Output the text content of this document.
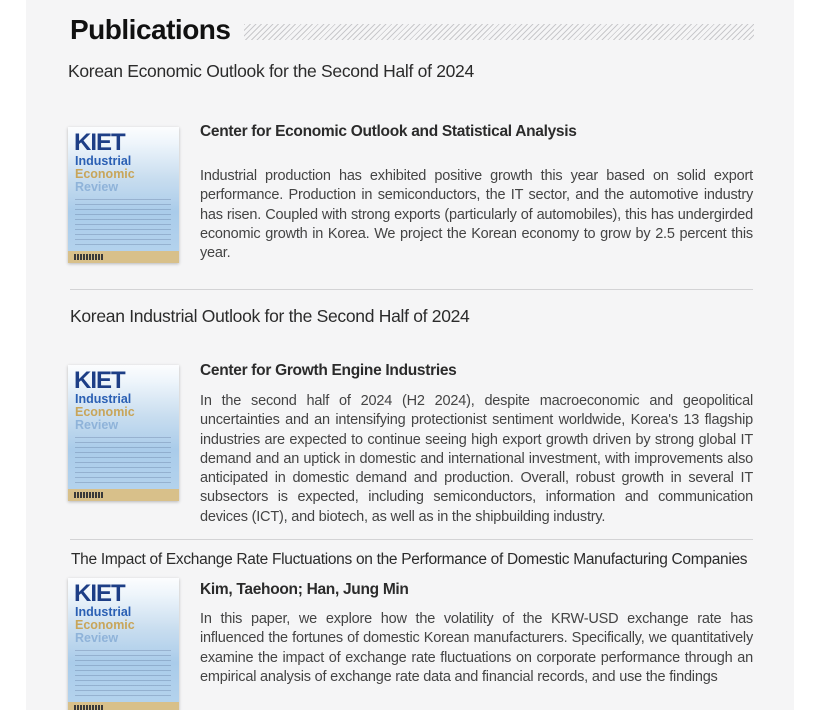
Publications
Korean Economic Outlook for the Second Half of 2024
KIET
Industrial
Economic
Review
Center for Economic Outlook and Statistical Analysis
Industrial production has exhibited positive growth this year based on solid export performance. Production in semiconductors, the IT sector, and the automotive industry has risen. Coupled with strong exports (particularly of automobiles), this has undergirded economic growth in Korea. We project the Korean economy to grow by 2.5 percent this year.
Korean Industrial Outlook for the Second Half of 2024
KIET
Industrial
Economic
Review
Center for Growth Engine Industries
In the second half of 2024 (H2 2024), despite macroeconomic and geopolitical uncertainties and an intensifying protectionist sentiment worldwide, Korea's 13 flagship industries are expected to continue seeing high export growth driven by strong global IT demand and an uptick in domestic and international investment, with improvements also anticipated in domestic demand and production. Overall, robust growth in several IT subsectors is expected, including semiconductors, information and communication devices (ICT), and biotech, as well as in the shipbuilding industry.
The Impact of Exchange Rate Fluctuations on the Performance of Domestic Manufacturing Companies
KIET
Industrial
Economic
Review
Kim, Taehoon; Han, Jung Min
In this paper, we explore how the volatility of the KRW-USD exchange rate has influenced the fortunes of domestic Korean manufacturers. Specifically, we quantitatively examine the impact of exchange rate fluctuations on corporate performance through an empirical analysis of exchange rate data and financial records, and use the findings
